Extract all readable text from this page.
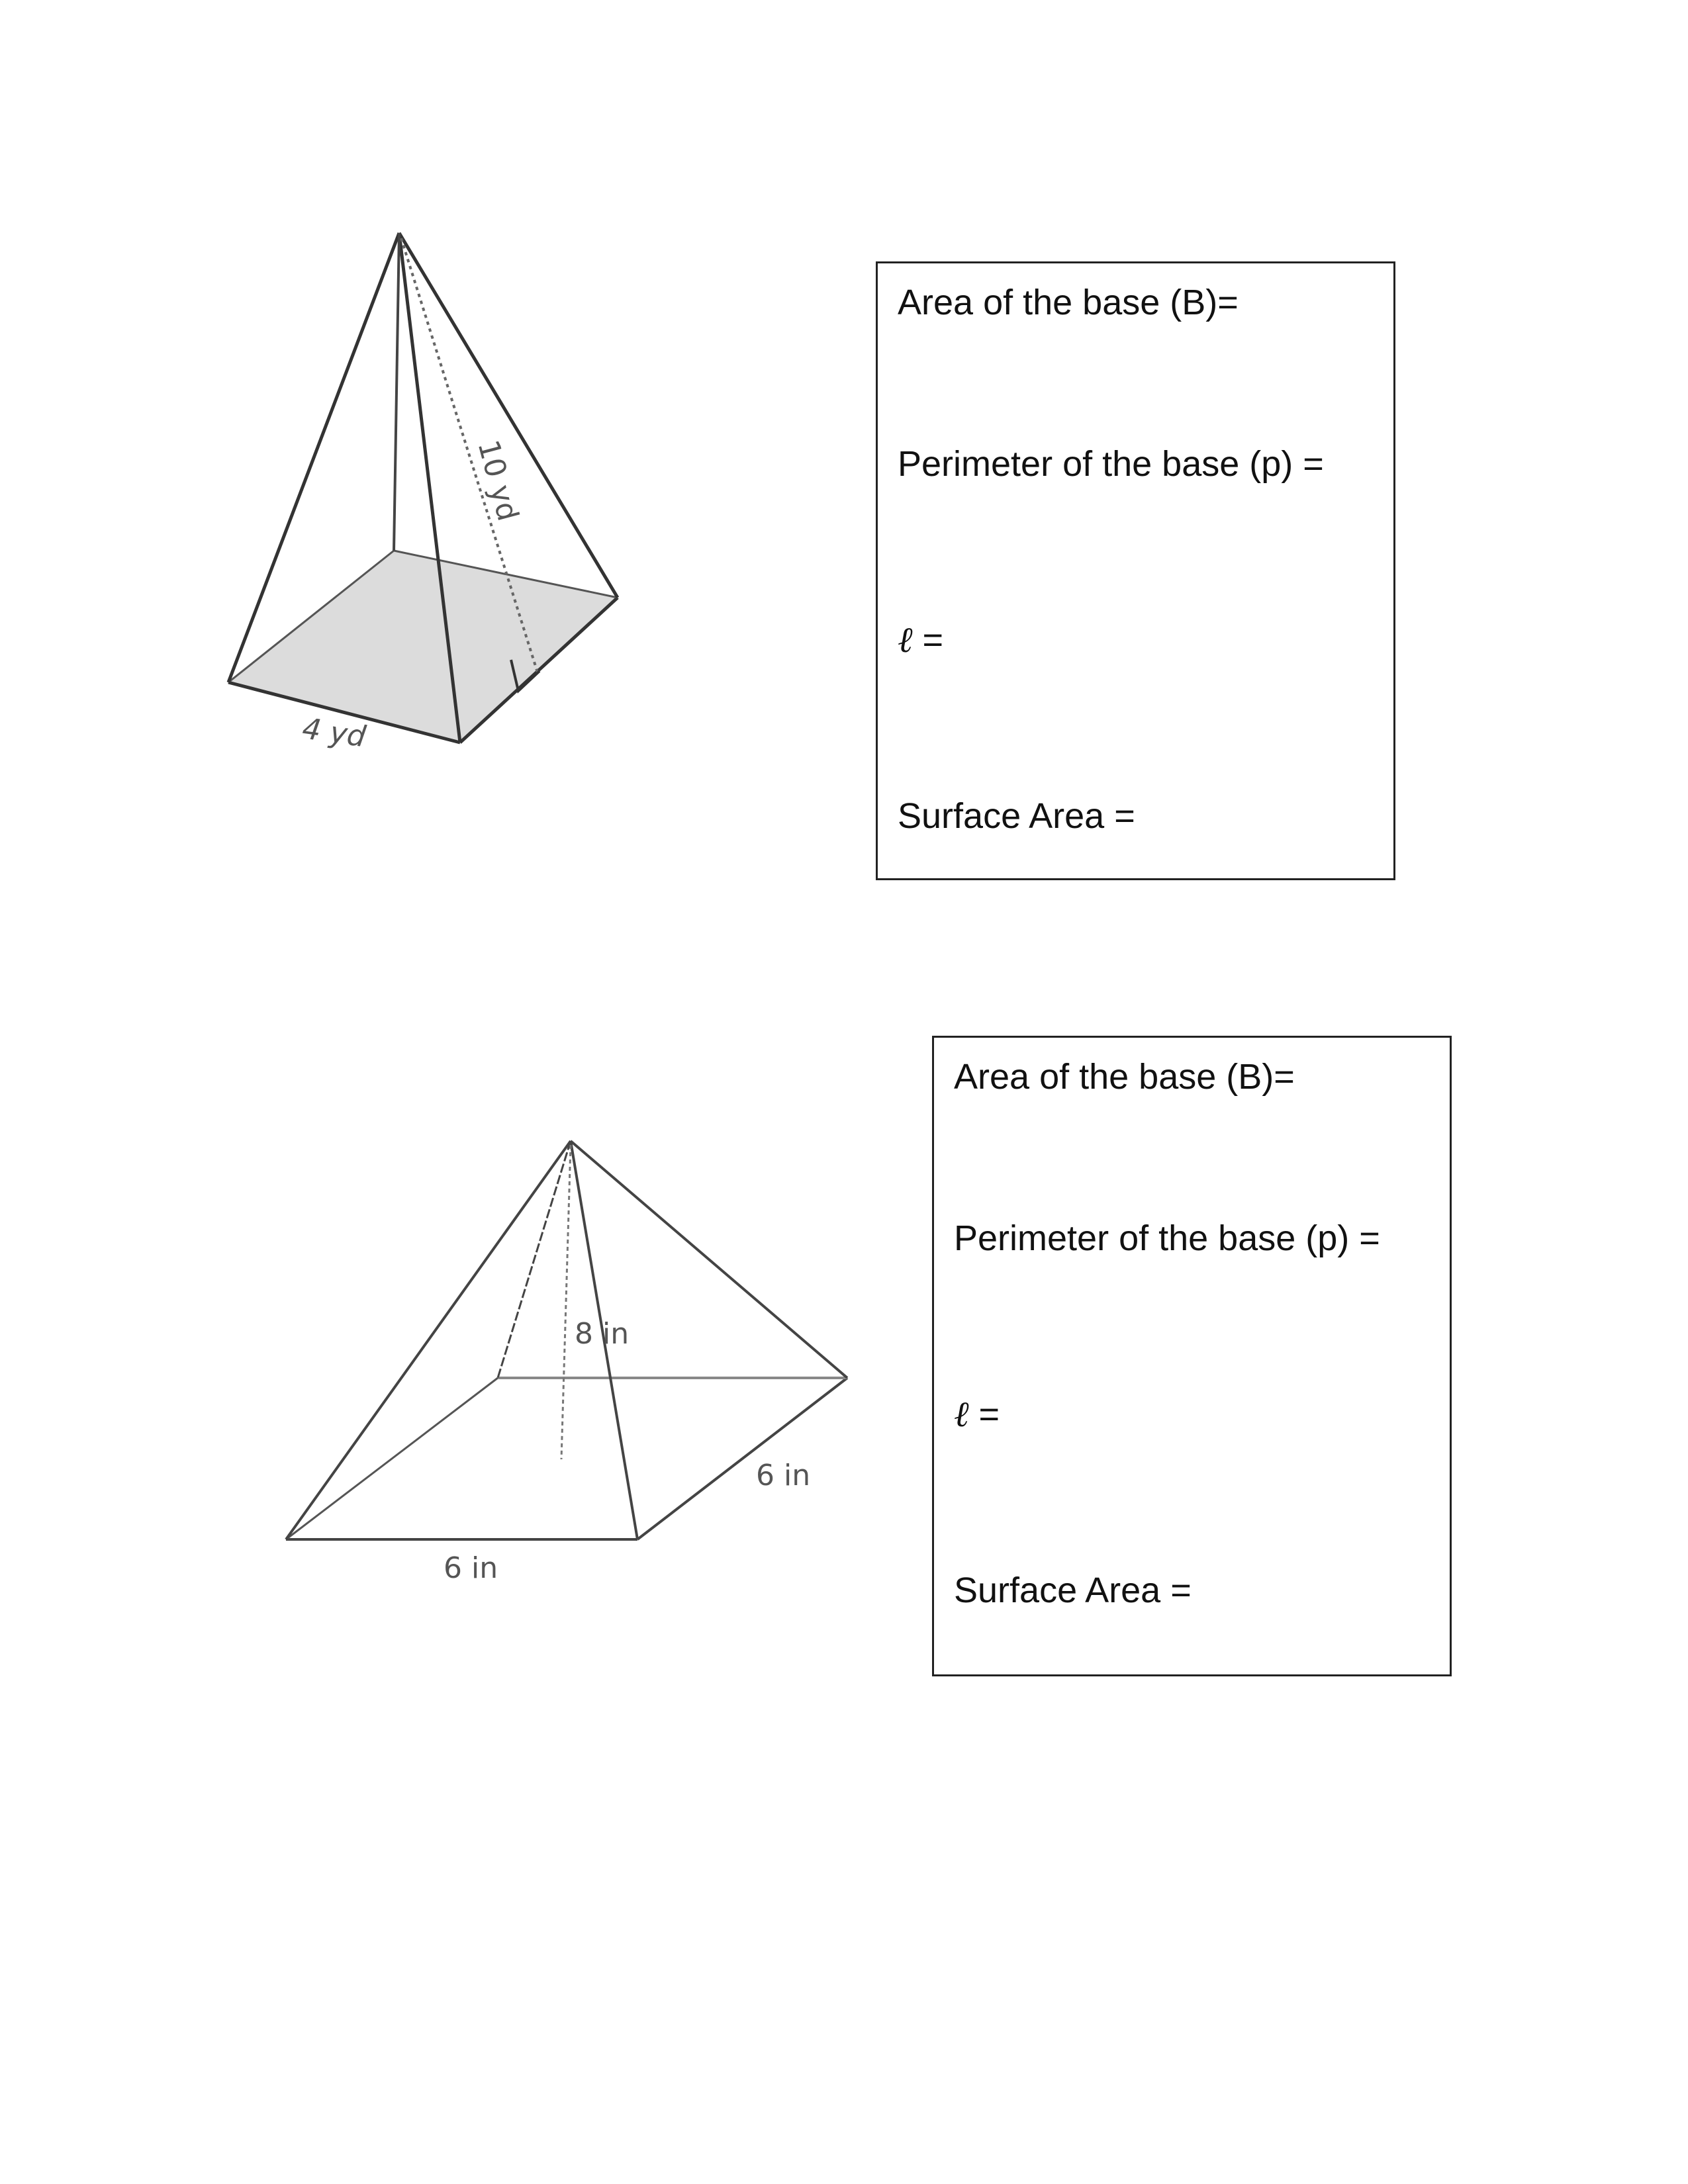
10 yd
4 yd
Area of the base (B)=
Perimeter of the base (p) =
ℓ =
Surface Area =
8 in
6 in
6 in
Area of the base (B)=
Perimeter of the base (p) =
ℓ =
Surface Area =
